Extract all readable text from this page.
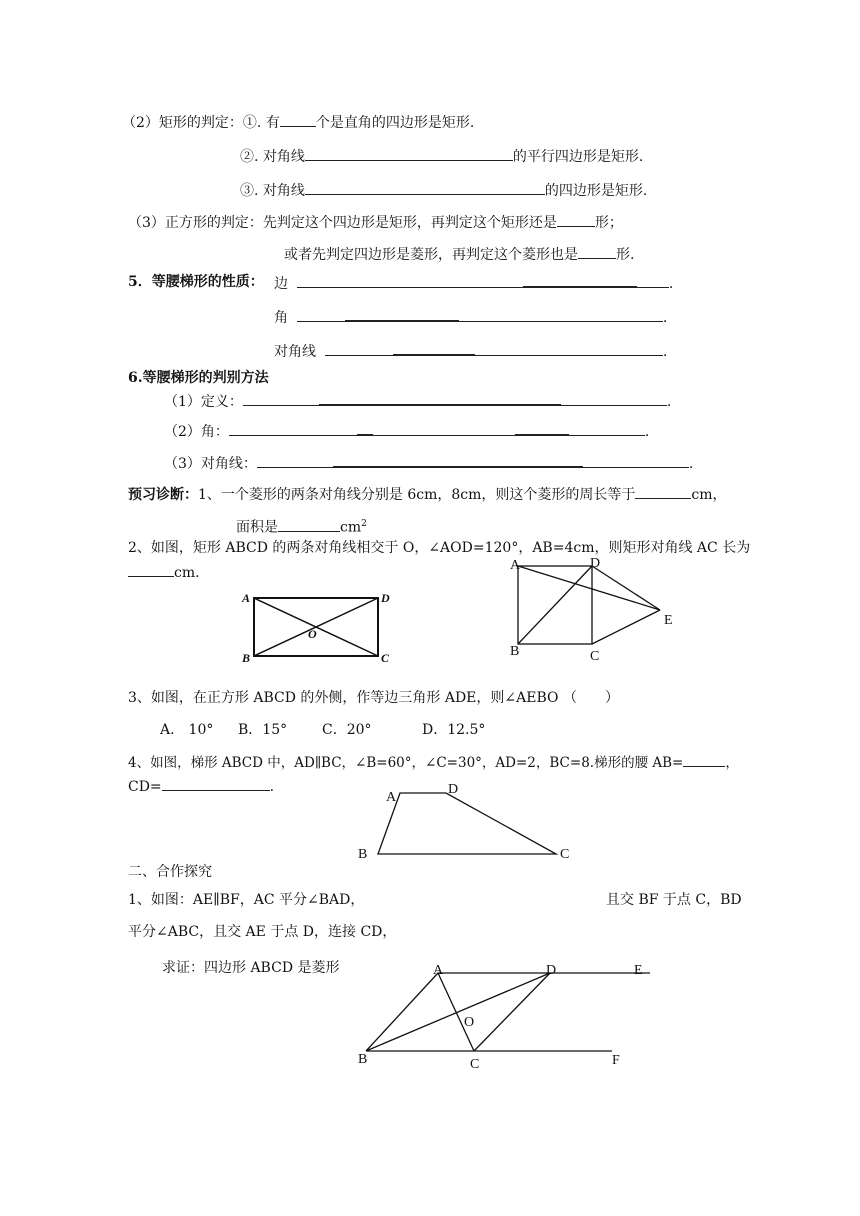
（2）矩形的判定：①. 有	个是直角的四边形是矩形.
②. 对角线	的平行四边形是矩形.
③. 对角线	的四边形是矩形.
（3）正方形的判定：先判定这个四边形是矩形，再判定这个矩形还是	形；
或者先判定四边形是菱形，再判定这个菱形也是	形.
5．等腰梯形的性质： 边	.
角	.
对角线	.
6.等腰梯形的判别方法
（1）定义：	.
（2）角：	.
（3）对角线：	.
预习诊断：1、一个菱形的两条对角线分别是 6cm，8cm，则这个菱形的周长等于	cm，
面积是	$cm^2$
2、如图，矩形 ABCD 的两条对角线相交于 O，∠AOD=120°，AB=4cm，则矩形对角线 AC 长为
cm.
A	D
B	C
O
A	D
E
B	C
3、如图，在正方形 ABCD 的外侧，作等边三角形 ADE，则∠AEBO （　　）
A.　10° B．15° C．20°	D．12.5°
4、如图，梯形 ABCD 中，AD∥BC，∠B=60°，∠C=30°，AD=2，BC=8.梯形的腰 AB=	，
CD=	.
A
D
B	C
二、合作探究
1、如图：AE∥BF，AC 平分∠BAD，	且交 BF 于点 C，BD
平分∠ABC，且交 AE 于点 D，连接 CD，
求证：四边形 ABCD 是菱形	A	D	E
O
B	C	F
